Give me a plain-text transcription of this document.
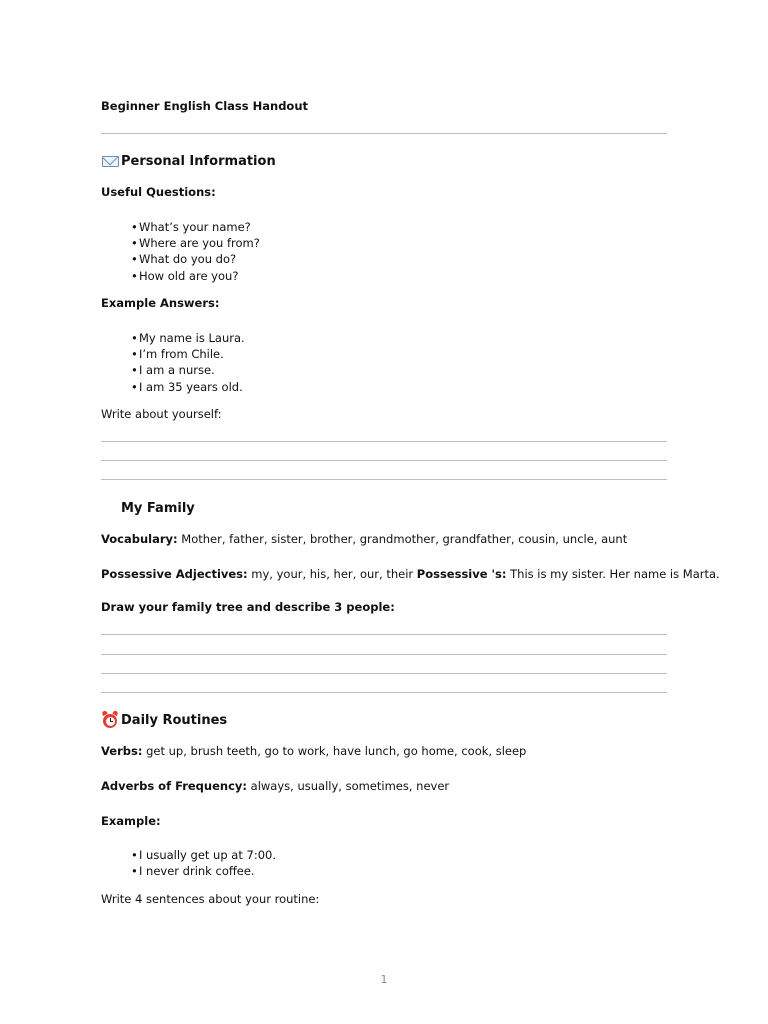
Beginner English Class Handout
Personal Information
Useful Questions:
• What’s your name?
• Where are you from?
• What do you do?
• How old are you?
Example Answers:
• My name is Laura.
• I’m from Chile.
• I am a nurse.
• I am 35 years old.
Write about yourself:
My Family
Vocabulary: Mother, father, sister, brother, grandmother, grandfather, cousin, uncle, aunt
Possessive Adjectives: my, your, his, her, our, their Possessive 's: This is my sister. Her name is Marta.
Draw your family tree and describe 3 people:
Daily Routines
Verbs: get up, brush teeth, go to work, have lunch, go home, cook, sleep
Adverbs of Frequency: always, usually, sometimes, never
Example:
• I usually get up at 7:00.
• I never drink coffee.
Write 4 sentences about your routine:
1
